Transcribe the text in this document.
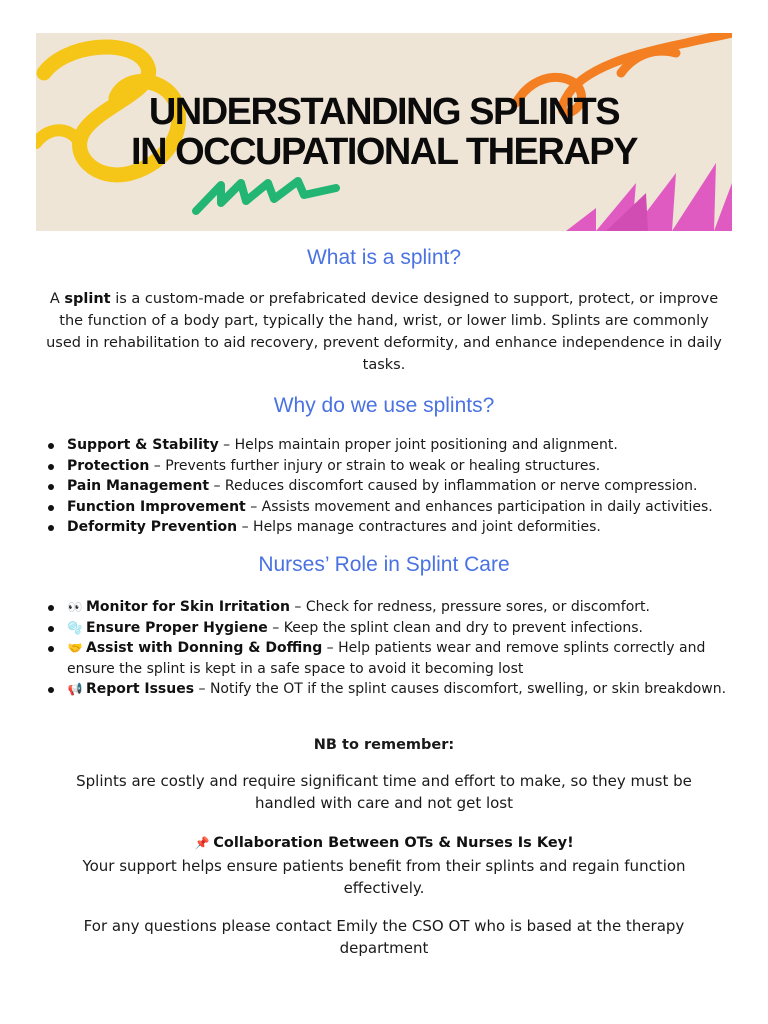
UNDERSTANDING SPLINTS
IN OCCUPATIONAL THERAPY
What is a splint?

A splint is a custom-made or prefabricated device designed to support, protect, or improve the function of a body part, typically the hand, wrist, or lower limb. Splints are commonly used in rehabilitation to aid recovery, prevent deformity, and enhance independence in daily tasks.

Why do we use splints?
Support & Stability – Helps maintain proper joint positioning and alignment.
Protection – Prevents further injury or strain to weak or healing structures.
Pain Management – Reduces discomfort caused by inflammation or nerve compression.
Function Improvement – Assists movement and enhances participation in daily activities.
Deformity Prevention – Helps manage contractures and joint deformities.
Nurses’ Role in Splint Care
👀 Monitor for Skin Irritation – Check for redness, pressure sores, or discomfort.
🫧 Ensure Proper Hygiene – Keep the splint clean and dry to prevent infections.
🤝 Assist with Donning & Doffing – Help patients wear and remove splints correctly and ensure the splint is kept in a safe space to avoid it becoming lost
📢 Report Issues – Notify the OT if the splint causes discomfort, swelling, or skin breakdown.

NB to remember:

Splints are costly and require significant time and effort to make, so they must be handled with care and not get lost

📌 Collaboration Between OTs & Nurses Is Key!

Your support helps ensure patients benefit from their splints and regain function effectively.

For any questions please contact Emily the CSO OT who is based at the therapy department
